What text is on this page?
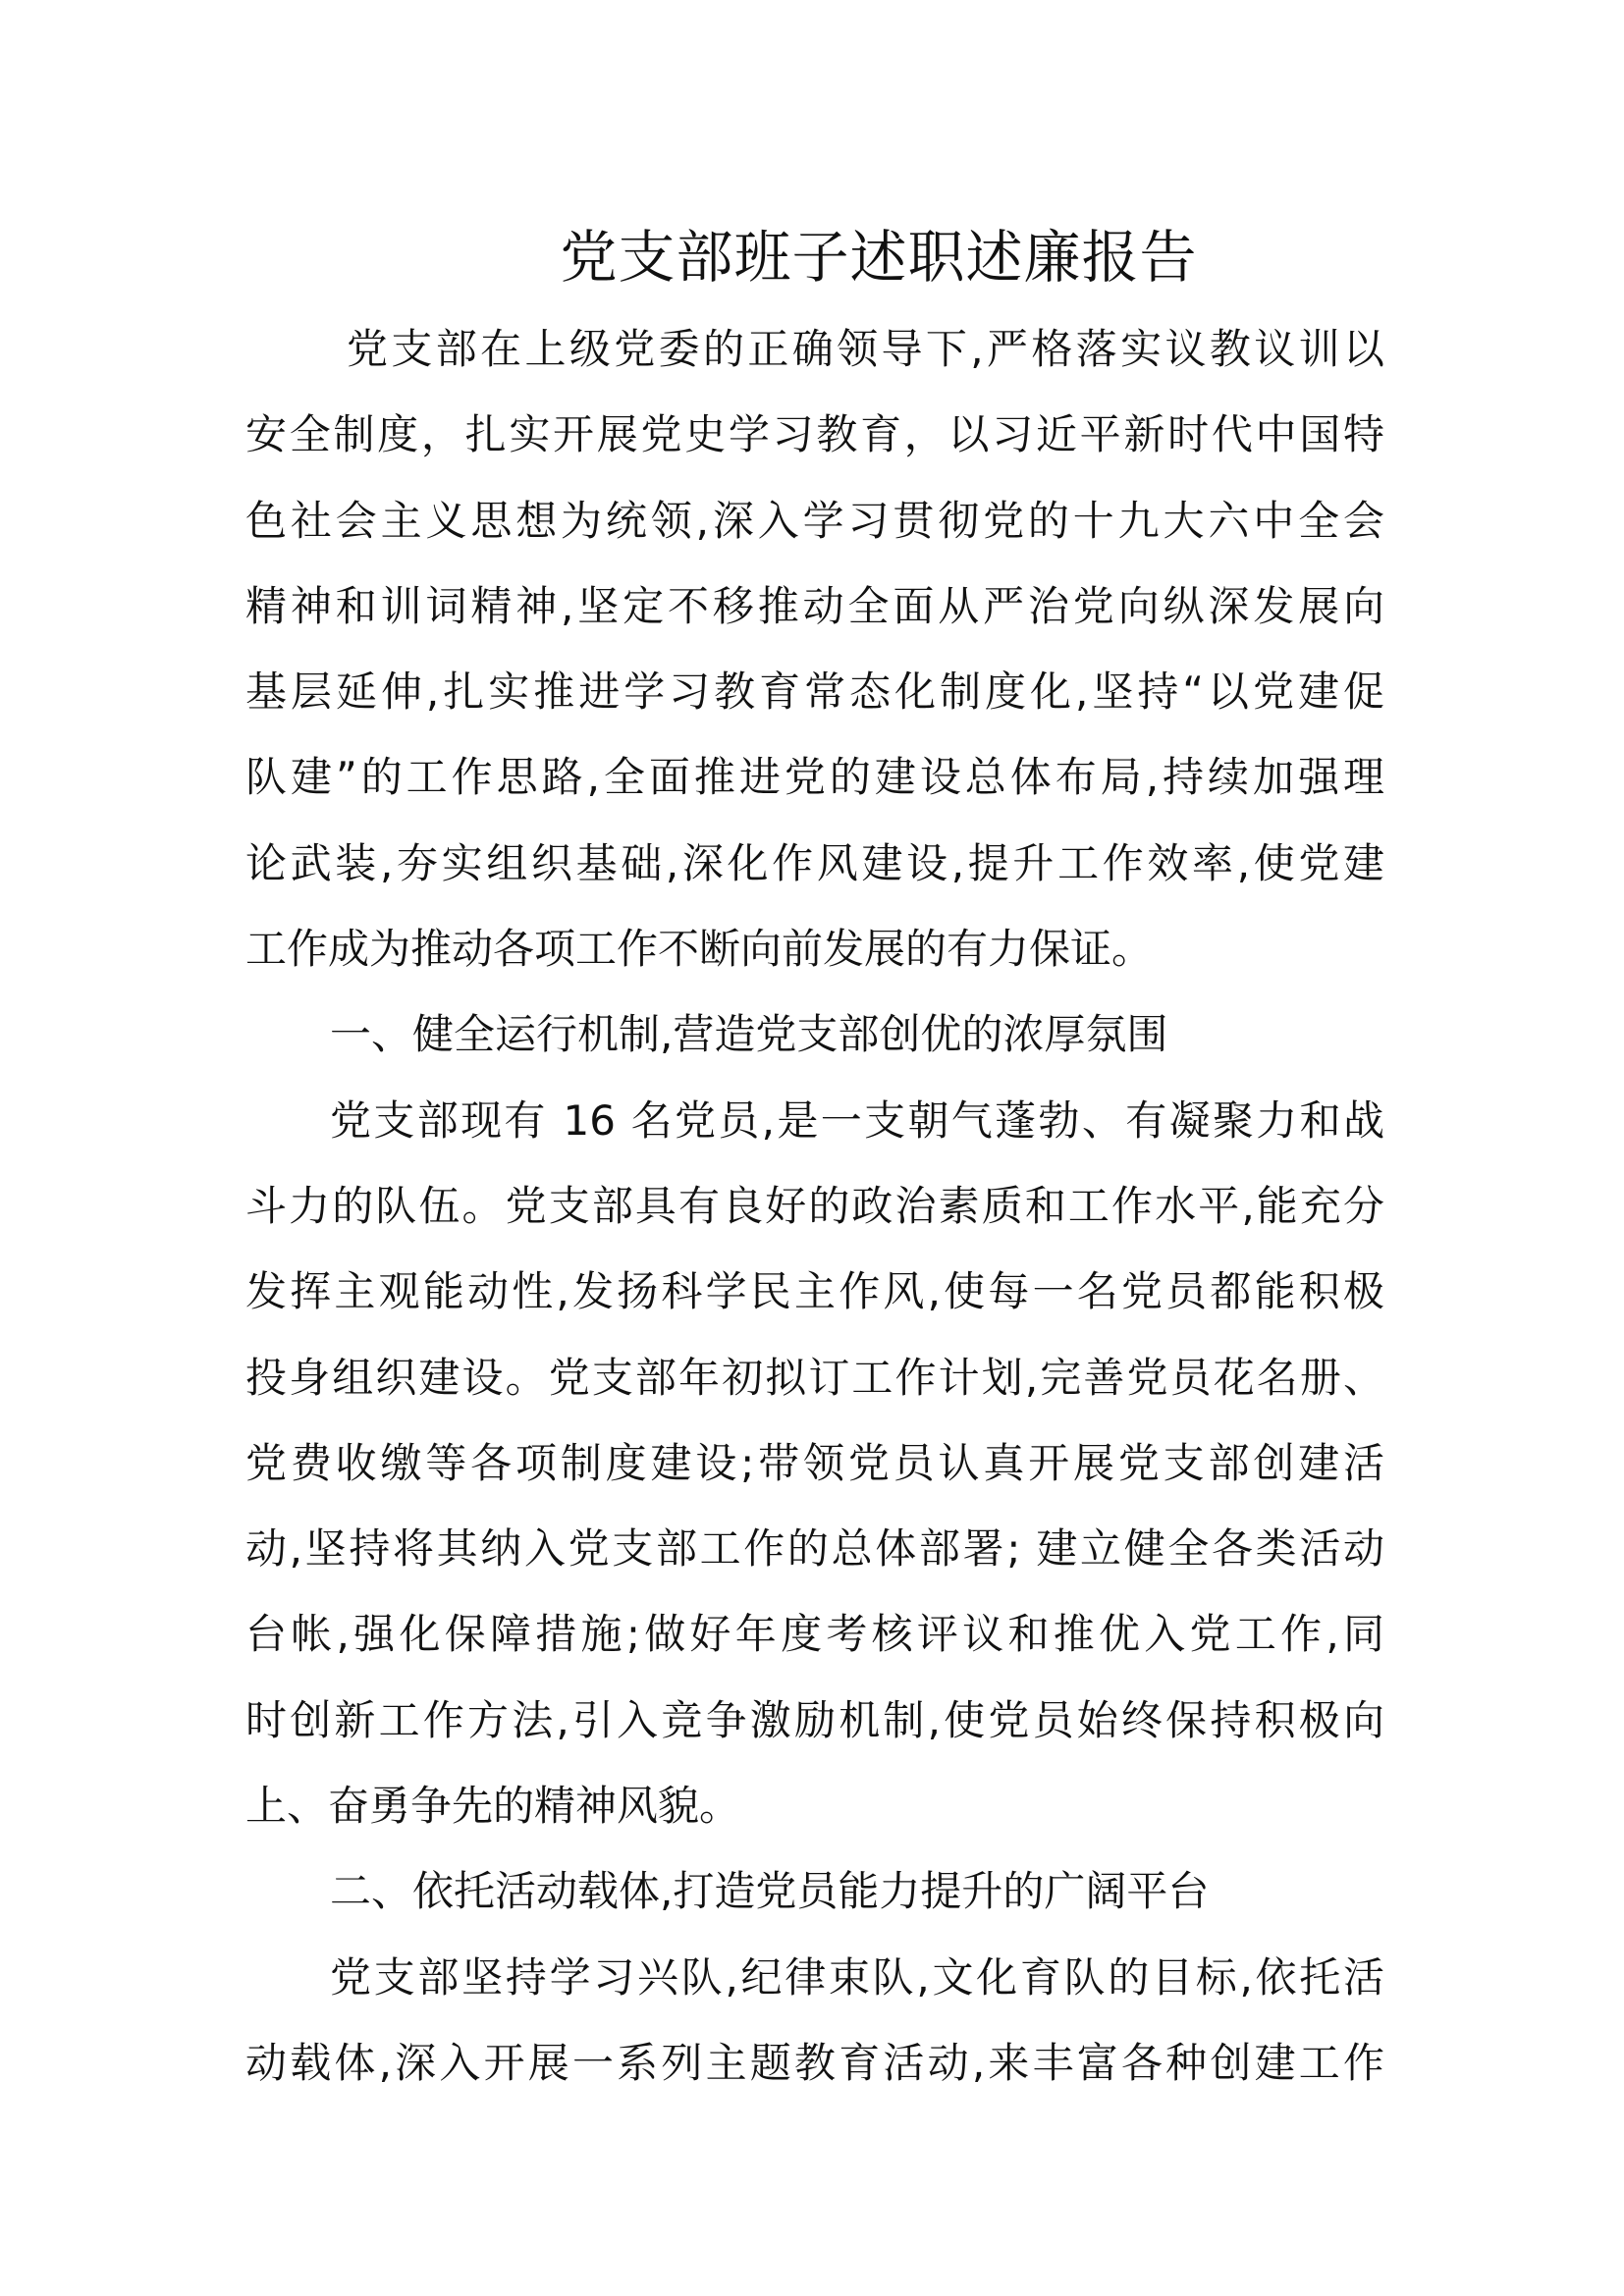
党支部班子述职述廉报告
党支部在上级党委的正确领导下,严格落实议教议训以
安全制度，扎实开展党史学习教育，以习近平新时代中国特
色社会主义思想为统领,深入学习贯彻党的十九大六中全会
精神和训词精神,坚定不移推动全面从严治党向纵深发展向
基层延伸,扎实推进学习教育常态化制度化,坚持“以党建促
队建”的工作思路,全面推进党的建设总体布局,持续加强理
论武装,夯实组织基础,深化作风建设,提升工作效率,使党建
工作成为推动各项工作不断向前发展的有力保证。
一、健全运行机制,营造党支部创优的浓厚氛围
党支部现有 16 名党员,是一支朝气蓬勃、有凝聚力和战
斗力的队伍。党支部具有良好的政治素质和工作水平,能充分
发挥主观能动性,发扬科学民主作风,使每一名党员都能积极
投身组织建设。党支部年初拟订工作计划,完善党员花名册、
党费收缴等各项制度建设;带领党员认真开展党支部创建活
动,坚持将其纳入党支部工作的总体部署; 建立健全各类活动
台帐,强化保障措施;做好年度考核评议和推优入党工作,同
时创新工作方法,引入竞争激励机制,使党员始终保持积极向
上、奋勇争先的精神风貌。
二、依托活动载体,打造党员能力提升的广阔平台
党支部坚持学习兴队,纪律束队,文化育队的目标,依托活
动载体,深入开展一系列主题教育活动,来丰富各种创建工作
